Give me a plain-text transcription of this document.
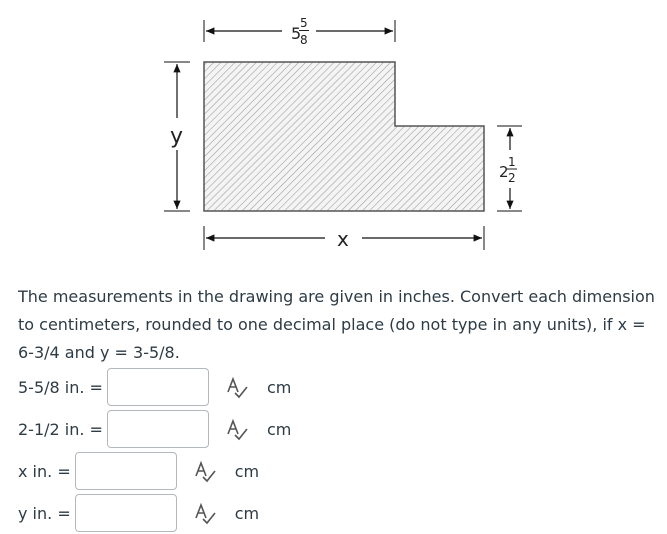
5
5
8
y
2
1
2
x
The measurements in the drawing are given in inches. Convert each dimension to centimeters, rounded to one decimal place (do not type in any units), if x = 6-3/4 and y = 3-5/8.
5-5/8 in. =	cm
2-1/2 in. =	cm
x in. =	cm
y in. =	cm
